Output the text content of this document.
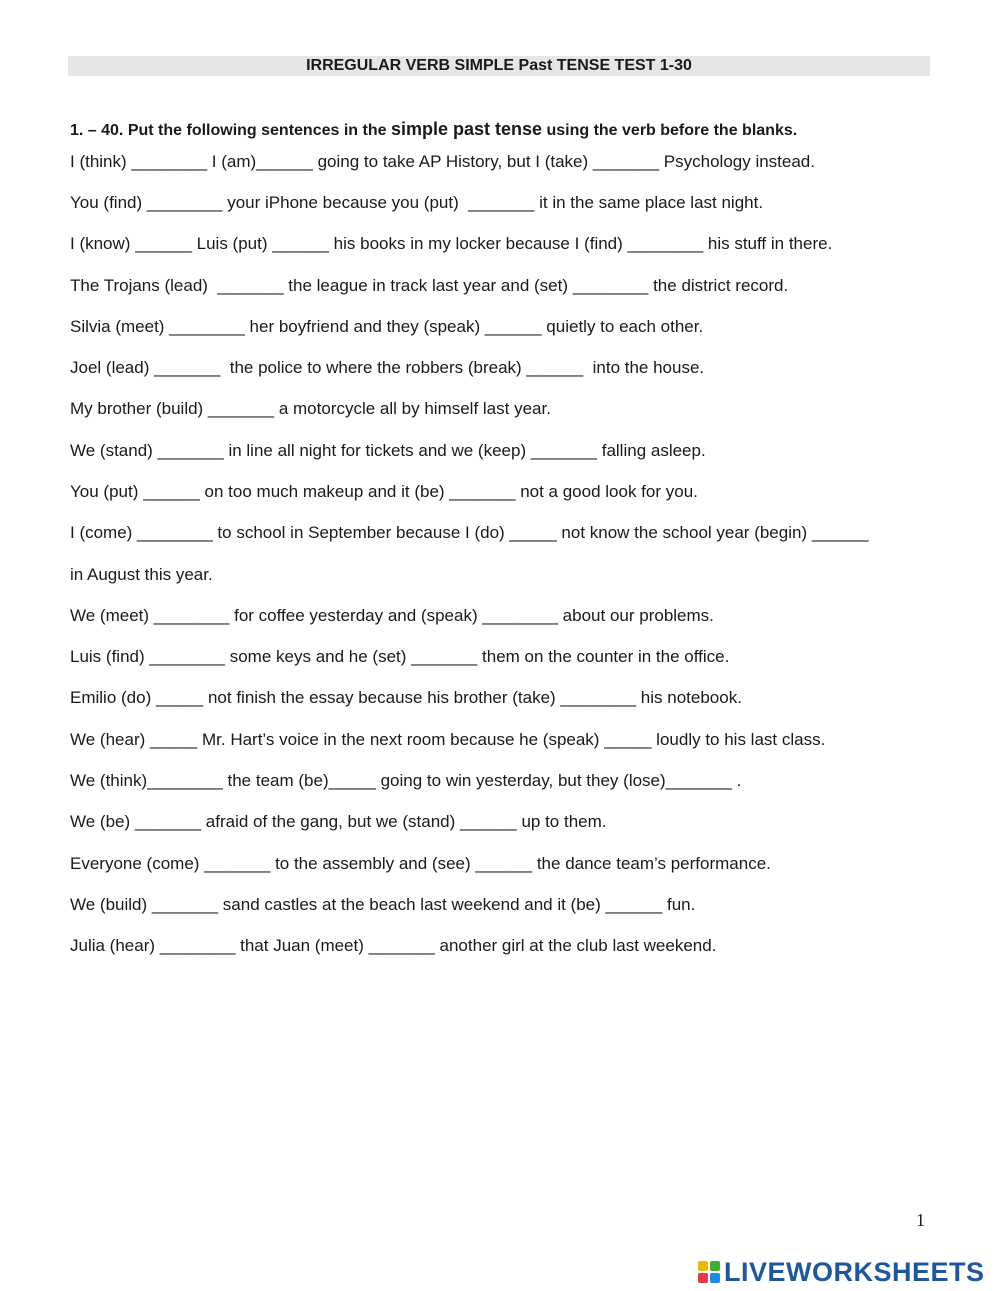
IRREGULAR VERB SIMPLE Past TENSE TEST 1-30
1. – 40. Put the following sentences in the simple past tense using the verb before the blanks.
I (think) ________ I (am)______ going to take AP History, but I (take) _______ Psychology instead.
You (find) ________ your iPhone because you (put)  _______ it in the same place last night.
I (know) ______ Luis (put) ______ his books in my locker because I (find) ________ his stuff in there.
The Trojans (lead)  _______ the league in track last year and (set) ________ the district record.
Silvia (meet) ________ her boyfriend and they (speak) ______ quietly to each other.
Joel (lead) _______  the police to where the robbers (break) ______  into the house.
My brother (build) _______ a motorcycle all by himself last year.
We (stand) _______ in line all night for tickets and we (keep) _______ falling asleep.
You (put) ______ on too much makeup and it (be) _______ not a good look for you.
I (come) ________ to school in September because I (do) _____ not know the school year (begin) ______
in August this year.
We (meet) ________ for coffee yesterday and (speak) ________ about our problems.
Luis (find) ________ some keys and he (set) _______ them on the counter in the office.
Emilio (do) _____ not finish the essay because his brother (take) ________ his notebook.
We (hear) _____ Mr. Hart’s voice in the next room because he (speak) _____ loudly to his last class.
We (think)________ the team (be)_____ going to win yesterday, but they (lose)_______ .
We (be) _______ afraid of the gang, but we (stand) ______ up to them.
Everyone (come) _______ to the assembly and (see) ______ the dance team’s performance.
We (build) _______ sand castles at the beach last weekend and it (be) ______ fun.
Julia (hear) ________ that Juan (meet) _______ another girl at the club last weekend.
1
LIVEWORKSHEETS
